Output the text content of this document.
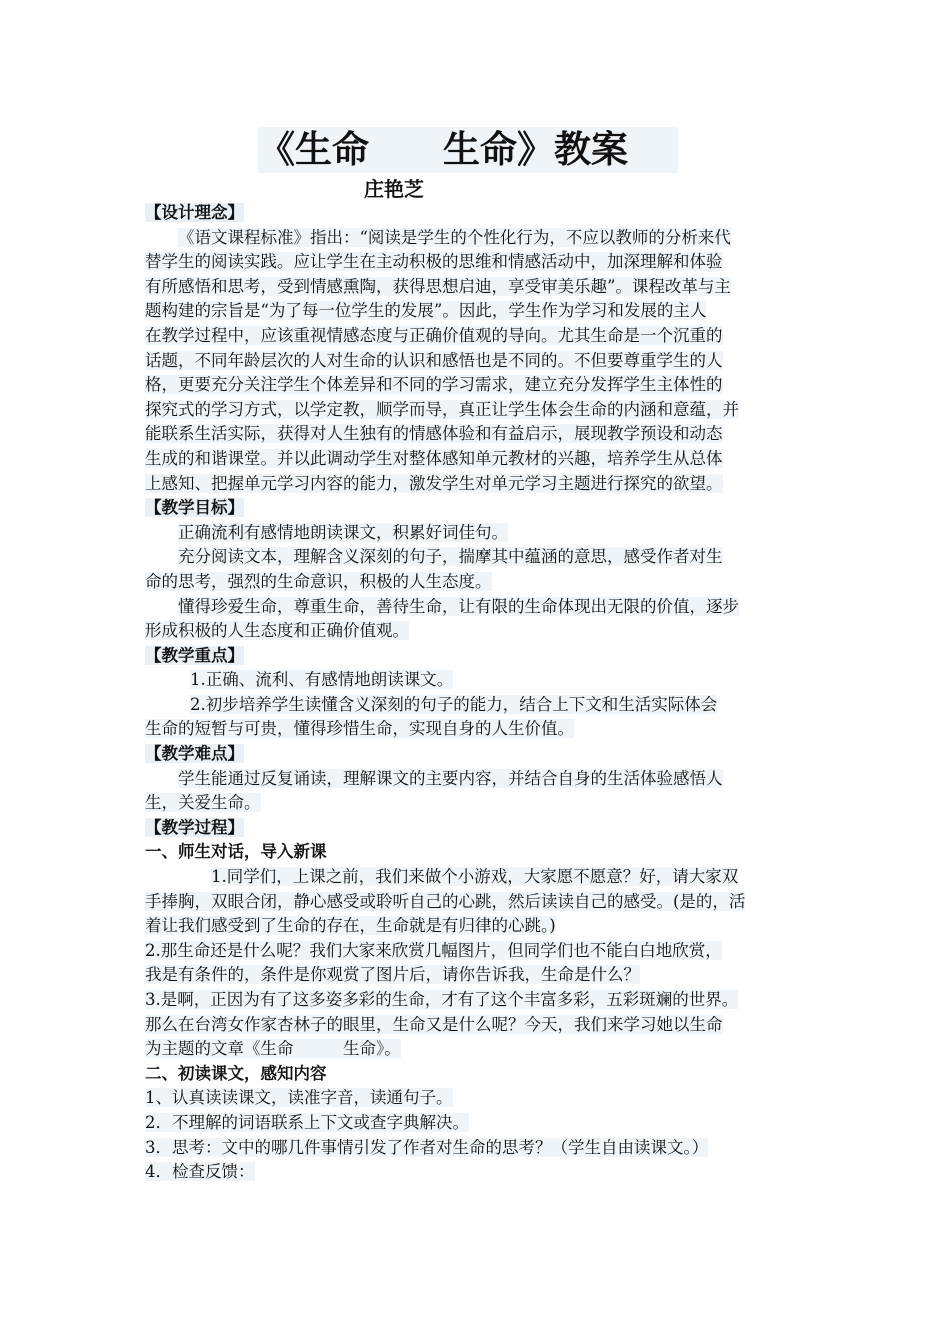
《生命　　生命》教案
庄艳芝
【设计理念】
《语文课程标准》指出：“阅读是学生的个性化行为，不应以教师的分析来代
替学生的阅读实践。应让学生在主动积极的思维和情感活动中，加深理解和体验
有所感悟和思考，受到情感熏陶，获得思想启迪，享受审美乐趣”。课程改革与主
题构建的宗旨是“为了每一位学生的发展”。因此，学生作为学习和发展的主人
在教学过程中，应该重视情感态度与正确价值观的导向。尤其生命是一个沉重的
话题，不同年龄层次的人对生命的认识和感悟也是不同的。不但要尊重学生的人
格，更要充分关注学生个体差异和不同的学习需求，建立充分发挥学生主体性的
探究式的学习方式，以学定教，顺学而导，真正让学生体会生命的内涵和意蕴，并
能联系生活实际，获得对人生独有的情感体验和有益启示，展现教学预设和动态
生成的和谐课堂。并以此调动学生对整体感知单元教材的兴趣，培养学生从总体
上感知、把握单元学习内容的能力，激发学生对单元学习主题进行探究的欲望。
【教学目标】
正确流利有感情地朗读课文，积累好词佳句。
充分阅读文本，理解含义深刻的句子，揣摩其中蕴涵的意思，感受作者对生
命的思考，强烈的生命意识，积极的人生态度。
懂得珍爱生命，尊重生命，善待生命，让有限的生命体现出无限的价值，逐步
形成积极的人生态度和正确价值观。
【教学重点】
1.正确、流利、有感情地朗读课文。
2.初步培养学生读懂含义深刻的句子的能力，结合上下文和生活实际体会
生命的短暂与可贵，懂得珍惜生命，实现自身的人生价值。
【教学难点】
学生能通过反复诵读，理解课文的主要内容，并结合自身的生活体验感悟人
生，关爱生命。
【教学过程】
一、师生对话，导入新课
1.同学们，上课之前，我们来做个小游戏，大家愿不愿意？好，请大家双
手捧胸，双眼合闭，静心感受或聆听自己的心跳，然后读读自己的感受。(是的，活
着让我们感受到了生命的存在，生命就是有归律的心跳。)
2.那生命还是什么呢？我们大家来欣赏几幅图片，但同学们也不能白白地欣赏，
我是有条件的，条件是你观赏了图片后，请你告诉我，生命是什么？
3.是啊，正因为有了这多姿多彩的生命，才有了这个丰富多彩，五彩斑斓的世界。
那么在台湾女作家杏林子的眼里，生命又是什么呢？今天，我们来学习她以生命
为主题的文章《生命　　　生命》。
二、初读课文，感知内容
1、认真读读课文，读准字音，读通句子。
2．不理解的词语联系上下文或查字典解决。
3．思考：文中的哪几件事情引发了作者对生命的思考？（学生自由读课文。）
4．检查反馈：
